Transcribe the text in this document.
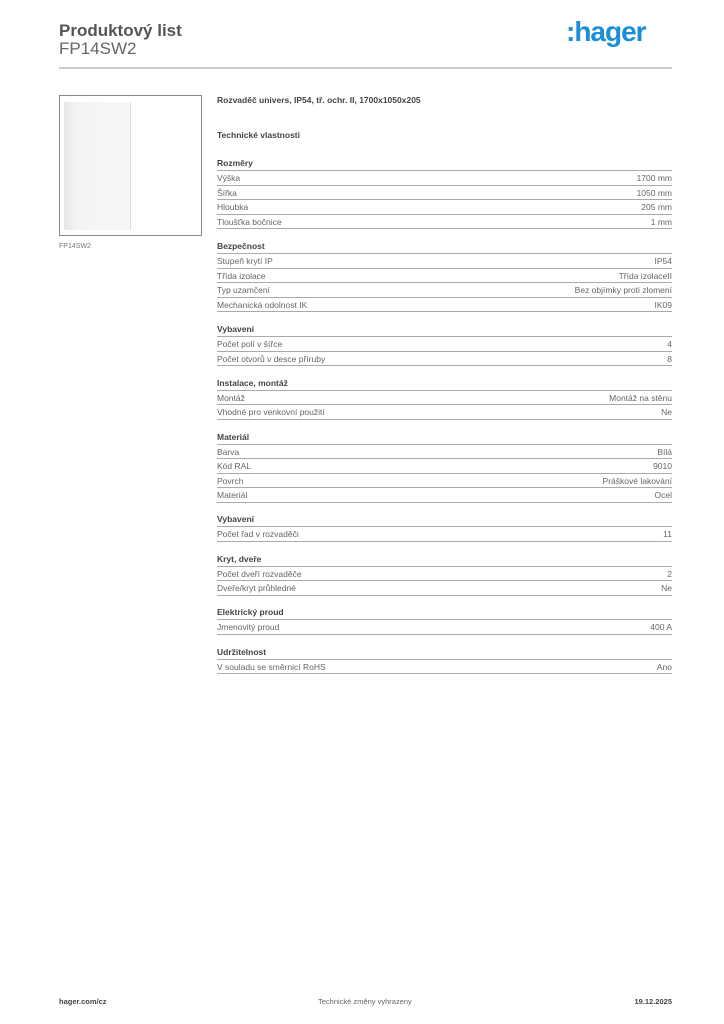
Produktový list
FP14SW2
:hager
FP14SW2
Rozvaděč univers, IP54, tř. ochr. II, 1700x1050x205
Technické vlastnosti
Rozměry
Výška	1700 mm
Šířka	1050 mm
Hloubka	205 mm
Tloušťka bočnice	1 mm
Bezpečnost
Stupeň krytí IP	IP54
Třída izolace	Třída izolaceII
Typ uzamčení	Bez objímky proti zlomení
Mechanická odolnost IK	IK09
Vybavení
Počet polí v šířce	4
Počet otvorů v desce příruby	8
Instalace, montáž
Montáž	Montáž na stěnu
Vhodné pro venkovní použití	Ne
Materiál
Barva	Bílá
Kód RAL	9010
Povrch	Práškové lakování
Materiál	Ocel
Vybavení
Počet řad v rozvaděči	11
Kryt, dveře
Počet dveří rozvaděče	2
Dveře/kryt průhledné	Ne
Elektrický proud
Jmenovitý proud	400 A
Udržitelnost
V souladu se směrnicí RoHS	Ano
hager.com/cz	Technické změny vyhrazeny	19.12.2025
